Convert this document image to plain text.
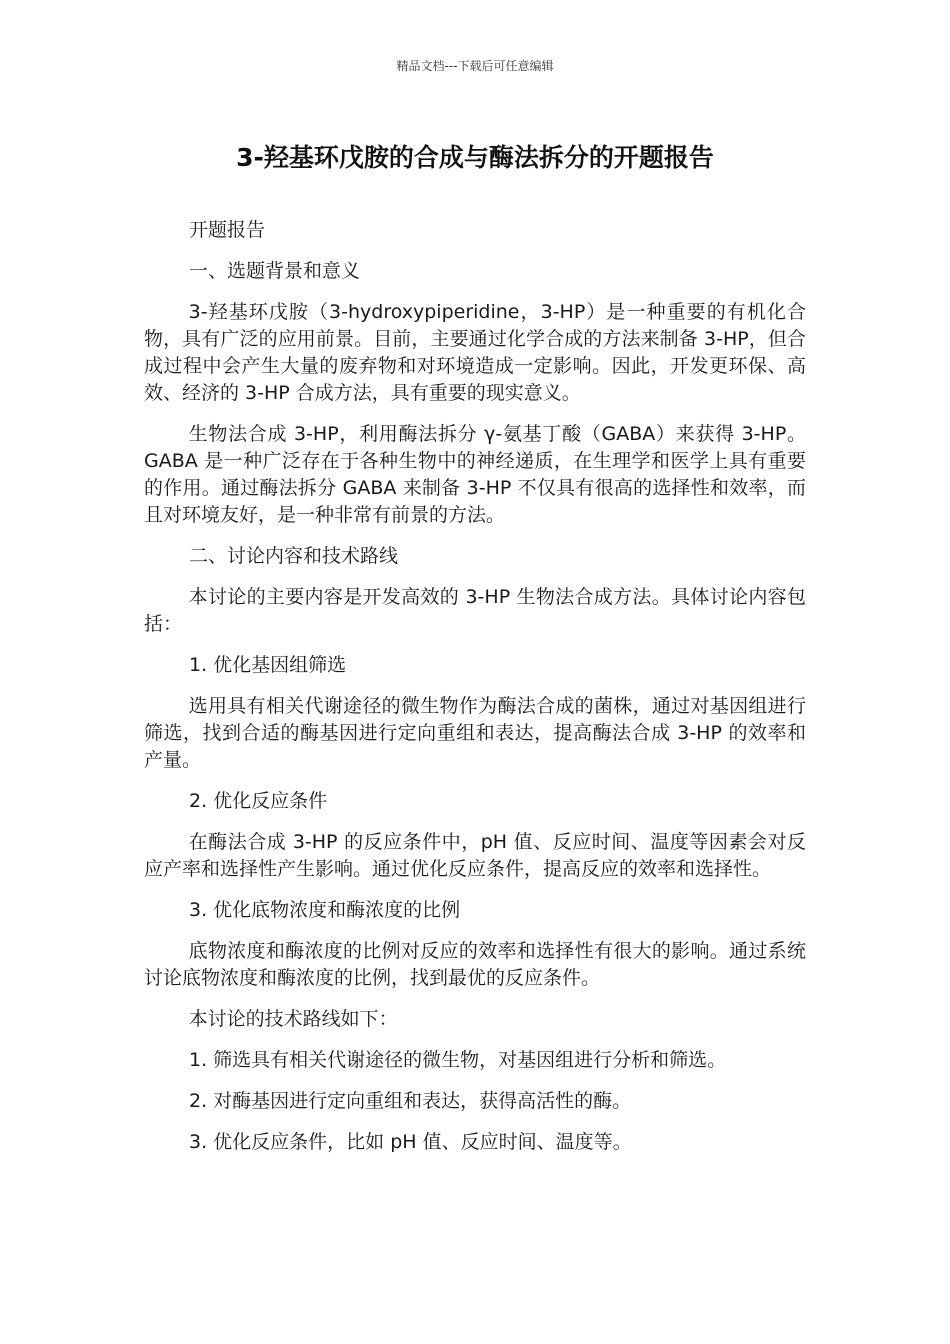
精品文档---下载后可任意编辑
3-羟基环戊胺的合成与酶法拆分的开题报告

开题报告

一、选题背景和意义

3-羟基环戊胺（3-hydroxypiperidine，3-HP）是一种重要的有机化合物，具有广泛的应用前景。目前，主要通过化学合成的方法来制备 3-HP，但合成过程中会产生大量的废弃物和对环境造成一定影响。因此，开发更环保、高效、经济的 3-HP 合成方法，具有重要的现实意义。

生物法合成 3-HP，利用酶法拆分 γ-氨基丁酸（GABA）来获得 3-HP。GABA 是一种广泛存在于各种生物中的神经递质，在生理学和医学上具有重要的作用。通过酶法拆分 GABA 来制备 3-HP 不仅具有很高的选择性和效率，而且对环境友好，是一种非常有前景的方法。

二、讨论内容和技术路线

本讨论的主要内容是开发高效的 3-HP 生物法合成方法。具体讨论内容包括：

1. 优化基因组筛选

选用具有相关代谢途径的微生物作为酶法合成的菌株，通过对基因组进行筛选，找到合适的酶基因进行定向重组和表达，提高酶法合成 3-HP 的效率和产量。

2. 优化反应条件

在酶法合成 3-HP 的反应条件中，pH 值、反应时间、温度等因素会对反应产率和选择性产生影响。通过优化反应条件，提高反应的效率和选择性。

3. 优化底物浓度和酶浓度的比例

底物浓度和酶浓度的比例对反应的效率和选择性有很大的影响。通过系统讨论底物浓度和酶浓度的比例，找到最优的反应条件。

本讨论的技术路线如下：

1. 筛选具有相关代谢途径的微生物，对基因组进行分析和筛选。

2. 对酶基因进行定向重组和表达，获得高活性的酶。

3. 优化反应条件，比如 pH 值、反应时间、温度等。
